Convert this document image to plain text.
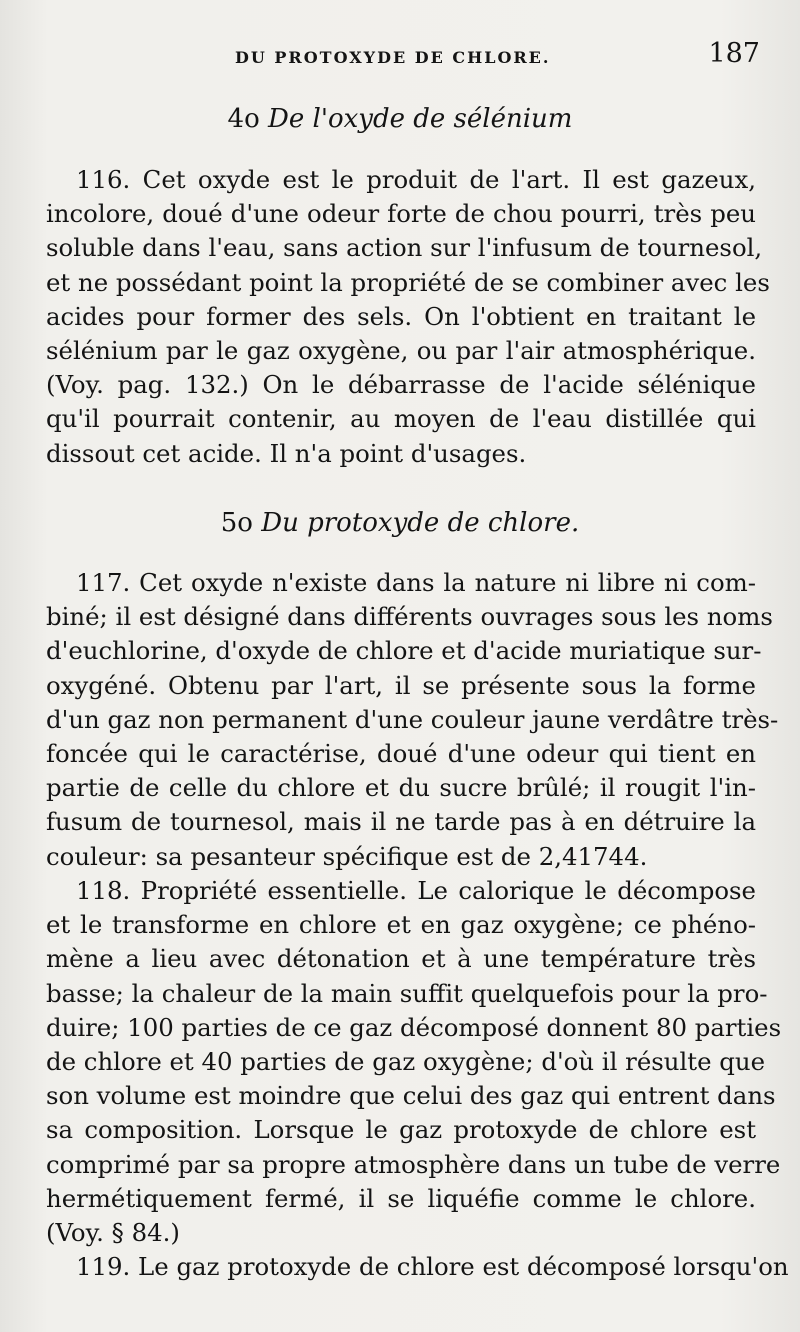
DU PROTOXYDE DE CHLORE.	187
4o De l'oxyde de sélénium
116. Cet oxyde est le produit de l'art. Il est gazeux,
incolore, doué d'une odeur forte de chou pourri, très peu
soluble dans l'eau, sans action sur l'infusum de tournesol,
et ne possédant point la propriété de se combiner avec les
acides pour former des sels. On l'obtient en traitant le
sélénium par le gaz oxygène, ou par l'air atmosphérique.
(Voy. pag. 132.) On le débarrasse de l'acide sélénique
qu'il pourrait contenir, au moyen de l'eau distillée qui
dissout cet acide. Il n'a point d'usages.
5o Du protoxyde de chlore.
117. Cet oxyde n'existe dans la nature ni libre ni com-
biné; il est désigné dans différents ouvrages sous les noms
d'euchlorine, d'oxyde de chlore et d'acide muriatique sur-
oxygéné. Obtenu par l'art, il se présente sous la forme
d'un gaz non permanent d'une couleur jaune verdâtre très-
foncée qui le caractérise, doué d'une odeur qui tient en
partie de celle du chlore et du sucre brûlé; il rougit l'in-
fusum de tournesol, mais il ne tarde pas à en détruire la
couleur: sa pesanteur spécifique est de 2,41744.
118. Propriété essentielle. Le calorique le décompose
et le transforme en chlore et en gaz oxygène; ce phéno-
mène a lieu avec détonation et à une température très
basse; la chaleur de la main suffit quelquefois pour la pro-
duire; 100 parties de ce gaz décomposé donnent 80 parties
de chlore et 40 parties de gaz oxygène; d'où il résulte que
son volume est moindre que celui des gaz qui entrent dans
sa composition. Lorsque le gaz protoxyde de chlore est
comprimé par sa propre atmosphère dans un tube de verre
hermétiquement fermé, il se liquéfie comme le chlore.
(Voy. § 84.)
119. Le gaz protoxyde de chlore est décomposé lorsqu'on
